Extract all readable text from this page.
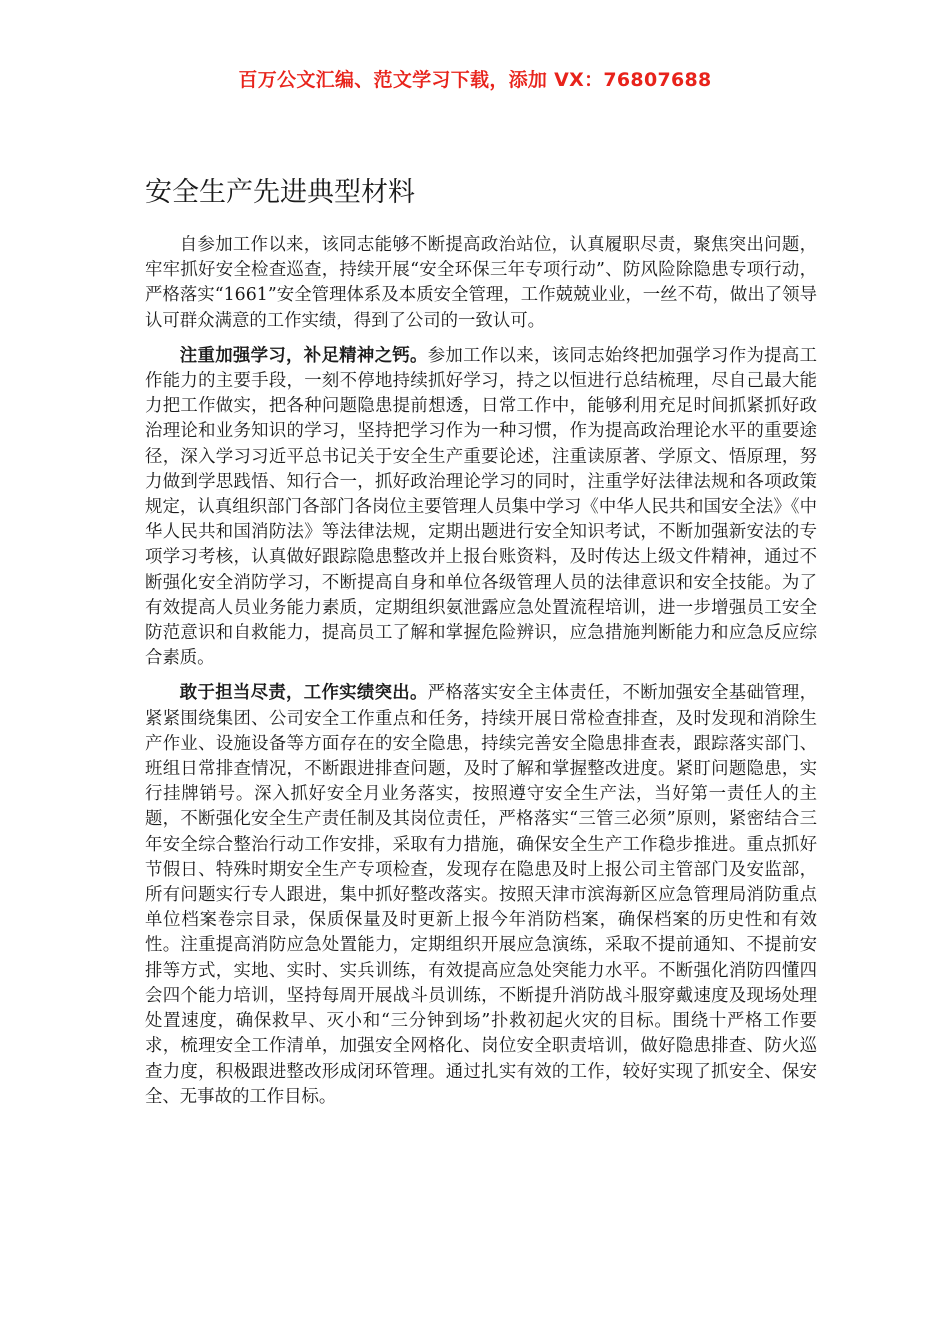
百万公文汇编、范文学习下载，添加 VX：76807688
安全生产先进典型材料

自参加工作以来，该同志能够不断提高政治站位，认真履职尽责，聚焦突出问题，牢牢抓好安全检查巡查，持续开展“安全环保三年专项行动”、防风险除隐患专项行动，严格落实“1661”安全管理体系及本质安全管理，工作兢兢业业，一丝不苟，做出了领导认可群众满意的工作实绩，得到了公司的一致认可。

注重加强学习，补足精神之钙。参加工作以来，该同志始终把加强学习作为提高工作能力的主要手段，一刻不停地持续抓好学习，持之以恒进行总结梳理，尽自己最大能力把工作做实，把各种问题隐患提前想透，日常工作中，能够利用充足时间抓紧抓好政治理论和业务知识的学习，坚持把学习作为一种习惯，作为提高政治理论水平的重要途径，深入学习习近平总书记关于安全生产重要论述，注重读原著、学原文、悟原理，努力做到学思践悟、知行合一，抓好政治理论学习的同时，注重学好法律法规和各项政策规定，认真组织部门各部门各岗位主要管理人员集中学习《中华人民共和国安全法》《中华人民共和国消防法》等法律法规，定期出题进行安全知识考试，不断加强新安法的专项学习考核，认真做好跟踪隐患整改并上报台账资料，及时传达上级文件精神，通过不断强化安全消防学习，不断提高自身和单位各级管理人员的法律意识和安全技能。为了有效提高人员业务能力素质，定期组织氨泄露应急处置流程培训，进一步增强员工安全防范意识和自救能力，提高员工了解和掌握危险辨识，应急措施判断能力和应急反应综合素质。

敢于担当尽责，工作实绩突出。严格落实安全主体责任，不断加强安全基础管理，紧紧围绕集团、公司安全工作重点和任务，持续开展日常检查排查，及时发现和消除生产作业、设施设备等方面存在的安全隐患，持续完善安全隐患排查表，跟踪落实部门、班组日常排查情况，不断跟进排查问题，及时了解和掌握整改进度。紧盯问题隐患，实行挂牌销号。深入抓好安全月业务落实，按照遵守安全生产法，当好第一责任人的主题，不断强化安全生产责任制及其岗位责任，严格落实“三管三必须”原则，紧密结合三年安全综合整治行动工作安排，采取有力措施，确保安全生产工作稳步推进。重点抓好节假日、特殊时期安全生产专项检查，发现存在隐患及时上报公司主管部门及安监部，所有问题实行专人跟进，集中抓好整改落实。按照天津市滨海新区应急管理局消防重点单位档案卷宗目录，保质保量及时更新上报今年消防档案，确保档案的历史性和有效性。注重提高消防应急处置能力，定期组织开展应急演练，采取不提前通知、不提前安排等方式，实地、实时、实兵训练，有效提高应急处突能力水平。不断强化消防四懂四会四个能力培训，坚持每周开展战斗员训练，不断提升消防战斗服穿戴速度及现场处理处置速度，确保救早、灭小和“三分钟到场”扑救初起火灾的目标。围绕十严格工作要求，梳理安全工作清单，加强安全网格化、岗位安全职责培训，做好隐患排查、防火巡查力度，积极跟进整改形成闭环管理。通过扎实有效的工作，较好实现了抓安全、保安全、无事故的工作目标。
